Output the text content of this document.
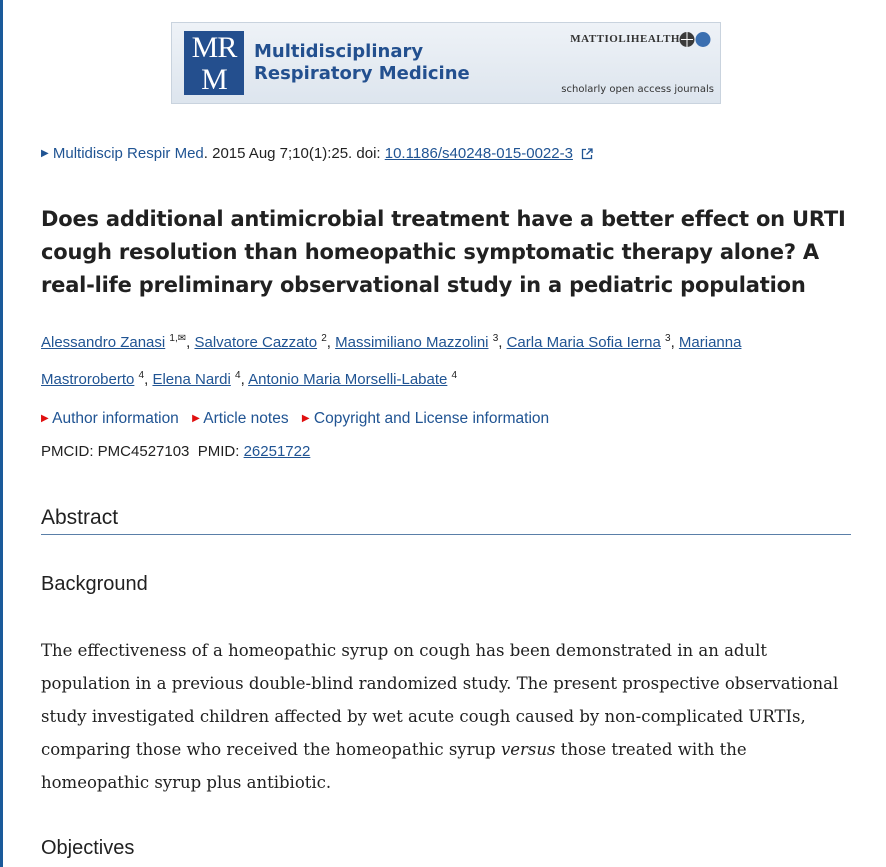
MR
M
Multidisciplinary
Respiratory Medicine
MATTIOLIHEALTH
scholarly open access journals
▶ Multidiscip Respir Med. 2015 Aug 7;10(1):25. doi: 10.1186/s40248-015-0022-3
Does additional antimicrobial treatment have a better effect on URTI cough resolution than homeopathic symptomatic therapy alone? A real-life preliminary observational study in a pediatric population
Alessandro Zanasi $^{1,✉}$, Salvatore Cazzato $^2$, Massimiliano Mazzolini $^3$, Carla Maria Sofia Ierna $^3$, Marianna Mastroroberto $^4$, Elena Nardi $^4$, Antonio Maria Morselli-Labate $^4$
▶ Author information ▶ Article notes ▶ Copyright and License information
PMCID: PMC4527103 PMID: 26251722
Abstract
Background

The effectiveness of a homeopathic syrup on cough has been demonstrated in an adult population in a previous double-blind randomized study. The present prospective observational study investigated children affected by wet acute cough caused by non-complicated URTIs, comparing those who received the homeopathic syrup versus those treated with the homeopathic syrup plus antibiotic.

Objectives
